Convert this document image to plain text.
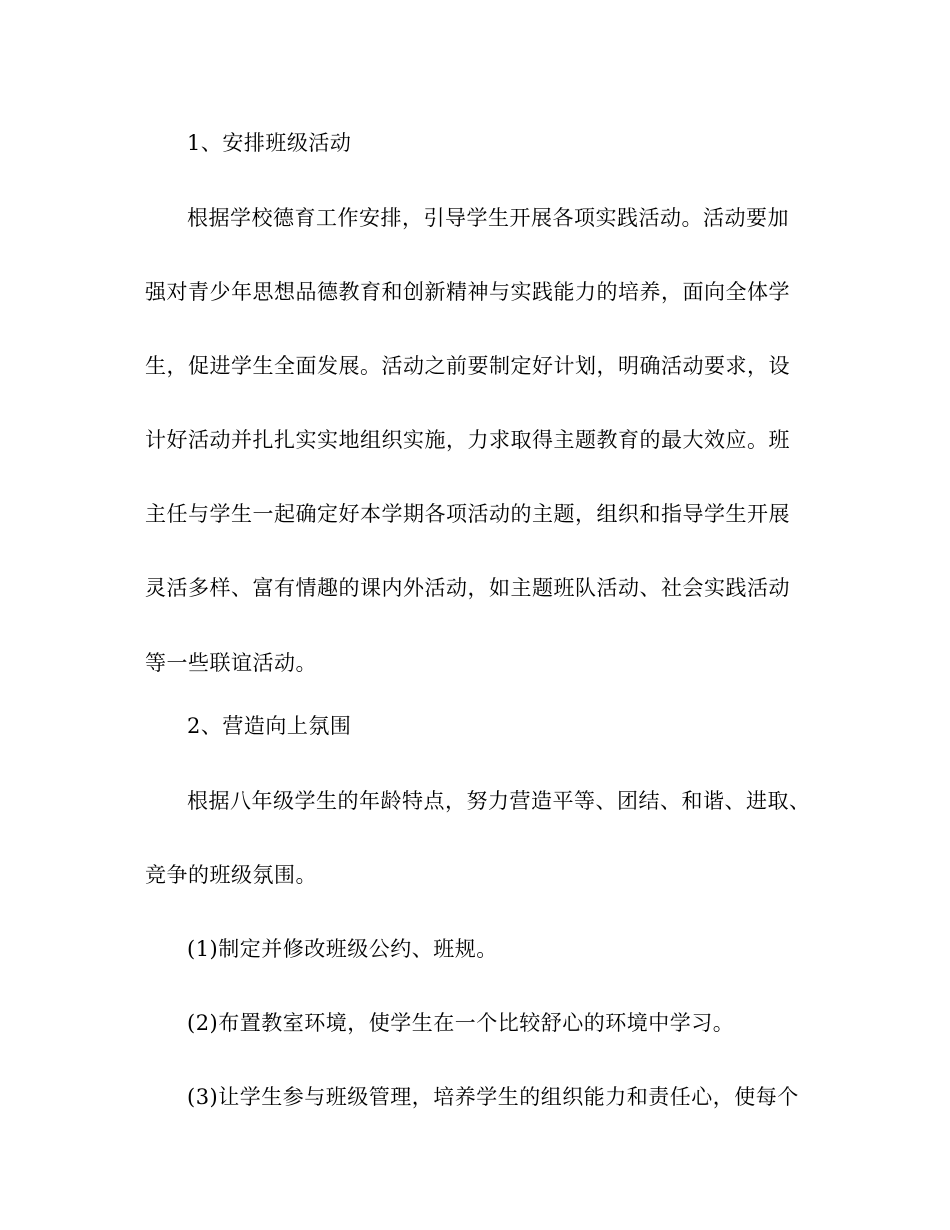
1、安排班级活动
根据学校德育工作安排，引导学生开展各项实践活动。活动要加
强对青少年思想品德教育和创新精神与实践能力的培养，面向全体学
生，促进学生全面发展。活动之前要制定好计划，明确活动要求，设
计好活动并扎扎实实地组织实施，力求取得主题教育的最大效应。班
主任与学生一起确定好本学期各项活动的主题，组织和指导学生开展
灵活多样、富有情趣的课内外活动，如主题班队活动、社会实践活动
等一些联谊活动。
2、营造向上氛围
根据八年级学生的年龄特点，努力营造平等、团结、和谐、进取、
竞争的班级氛围。
(1)制定并修改班级公约、班规。
(2)布置教室环境，使学生在一个比较舒心的环境中学习。
(3)让学生参与班级管理，培养学生的组织能力和责任心，使每个
